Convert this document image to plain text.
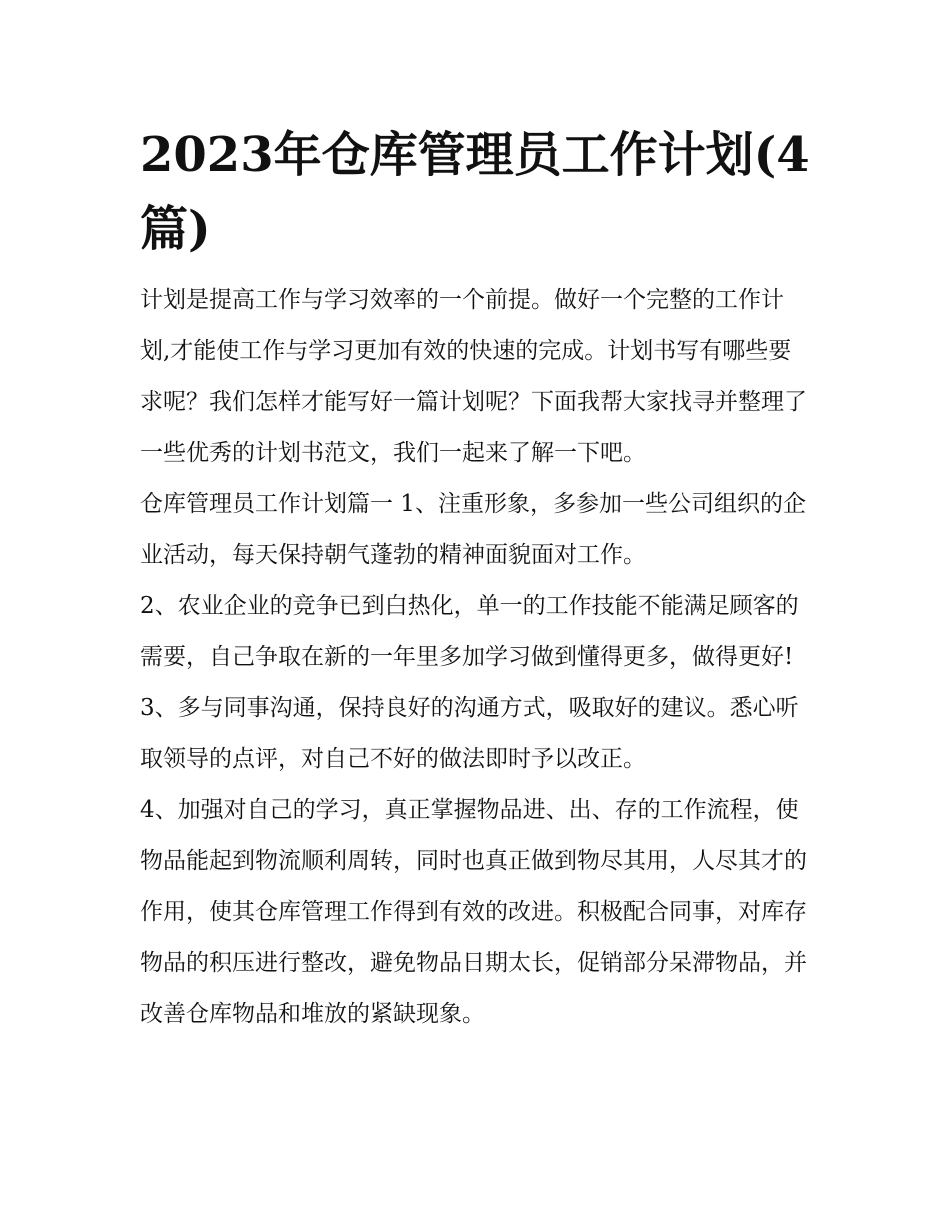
2023年仓库管理员工作计划(4篇)

计划是提高工作与学习效率的一个前提。做好一个完整的工作计划,才能使工作与学习更加有效的快速的完成。计划书写有哪些要求呢？我们怎样才能写好一篇计划呢？下面我帮大家找寻并整理了一些优秀的计划书范文，我们一起来了解一下吧。

仓库管理员工作计划篇一 1、注重形象，多参加一些公司组织的企业活动，每天保持朝气蓬勃的精神面貌面对工作。

2、农业企业的竞争已到白热化，单一的工作技能不能满足顾客的需要，自己争取在新的一年里多加学习做到懂得更多，做得更好!

3、多与同事沟通，保持良好的沟通方式，吸取好的建议。悉心听取领导的点评，对自己不好的做法即时予以改正。

4、加强对自己的学习，真正掌握物品进、出、存的工作流程，使物品能起到物流顺利周转，同时也真正做到物尽其用，人尽其才的作用，使其仓库管理工作得到有效的改进。积极配合同事，对库存物品的积压进行整改，避免物品日期太长，促销部分呆滞物品，并改善仓库物品和堆放的紧缺现象。
